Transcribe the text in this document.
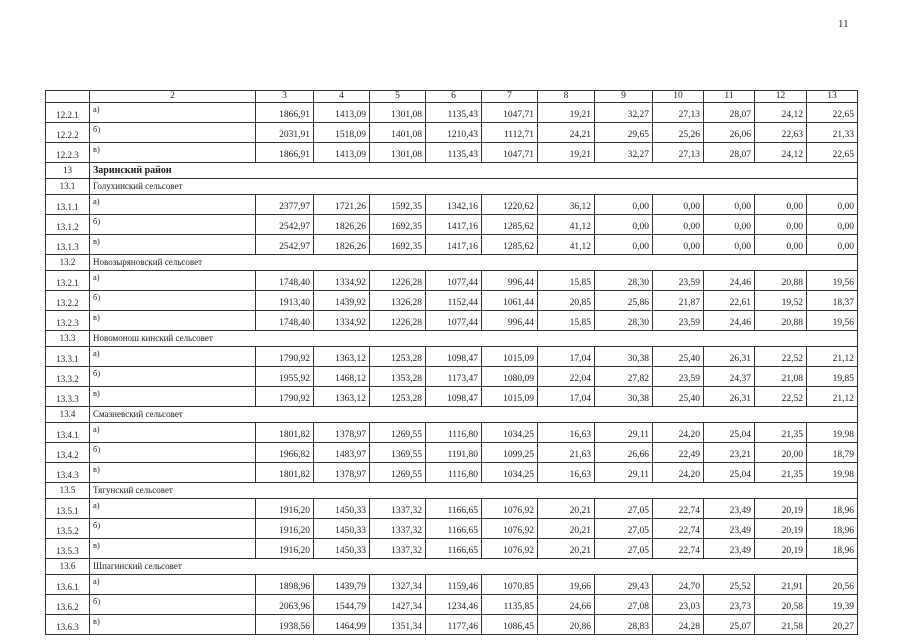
11
	2	3	4	5	6	7	8	9	10	11	12	13
12.2.1	а)	1866,91	1413,09	1301,08	1135,43	1047,71	19,21	32,27	27,13	28,07	24,12	22,65
12.2.2	б)	2031,91	1518,09	1401,08	1210,43	1112,71	24,21	29,65	25,26	26,06	22,63	21,33
12.2.3	в)	1866,91	1413,09	1301,08	1135,43	1047,71	19,21	32,27	27,13	28,07	24,12	22,65
13	Заринский район											
13.1	Голухинский сельсовет											
13.1.1	а)	2377,97	1721,26	1592,35	1342,16	1220,62	36,12	0,00	0,00	0,00	0,00	0,00
13.1.2	б)	2542,97	1826,26	1692,35	1417,16	1285,62	41,12	0,00	0,00	0,00	0,00	0,00
13.1.3	в)	2542,97	1826,26	1692,35	1417,16	1285,62	41,12	0,00	0,00	0,00	0,00	0,00
13.2	Новозыряновский сельсовет											
13.2.1	а)	1748,40	1334,92	1226,28	1077,44	996,44	15,85	28,30	23,59	24,46	20,88	19,56
13.2.2	б)	1913,40	1439,92	1326,28	1152,44	1061,44	20,85	25,86	21,87	22,61	19,52	18,37
13.2.3	в)	1748,40	1334,92	1226,28	1077,44	996,44	15,85	28,30	23,59	24,46	20,88	19,56
13.3	Новомонош кинский сельсовет											
13.3.1	а)	1790,92	1363,12	1253,28	1098,47	1015,09	17,04	30,38	25,40	26,31	22,52	21,12
13.3.2	б)	1955,92	1468,12	1353,28	1173,47	1080,09	22,04	27,82	23,59	24,37	21,08	19,85
13.3.3	в)	1790,92	1363,12	1253,28	1098,47	1015,09	17,04	30,38	25,40	26,31	22,52	21,12
13.4	Смазневский сельсовет											
13.4.1	а)	1801,82	1378,97	1269,55	1116,80	1034,25	16,63	29,11	24,20	25,04	21,35	19,98
13.4.2	б)	1966,82	1483,97	1369,55	1191,80	1099,25	21,63	26,66	22,49	23,21	20,00	18,79
13.4.3	в)	1801,82	1378,97	1269,55	1116,80	1034,25	16,63	29,11	24,20	25,04	21,35	19,98
13.5	Тягунский сельсовет											
13.5.1	а)	1916,20	1450,33	1337,32	1166,65	1076,92	20,21	27,05	22,74	23,49	20,19	18,96
13.5.2	б)	1916,20	1450,33	1337,32	1166,65	1076,92	20,21	27,05	22,74	23,49	20,19	18,96
13.5.3	в)	1916,20	1450,33	1337,32	1166,65	1076,92	20,21	27,05	22,74	23,49	20,19	18,96
13.6	Шпагинский сельсовет											
13.6.1	а)	1898,96	1439,79	1327,34	1159,46	1070,85	19,66	29,43	24,70	25,52	21,91	20,56
13.6.2	б)	2063,96	1544,79	1427,34	1234,46	1135,85	24,66	27,08	23,03	23,73	20,58	19,39
13.6.3	в)	1938,56	1464,99	1351,34	1177,46	1086,45	20,86	28,83	24,28	25,07	21,58	20,27
